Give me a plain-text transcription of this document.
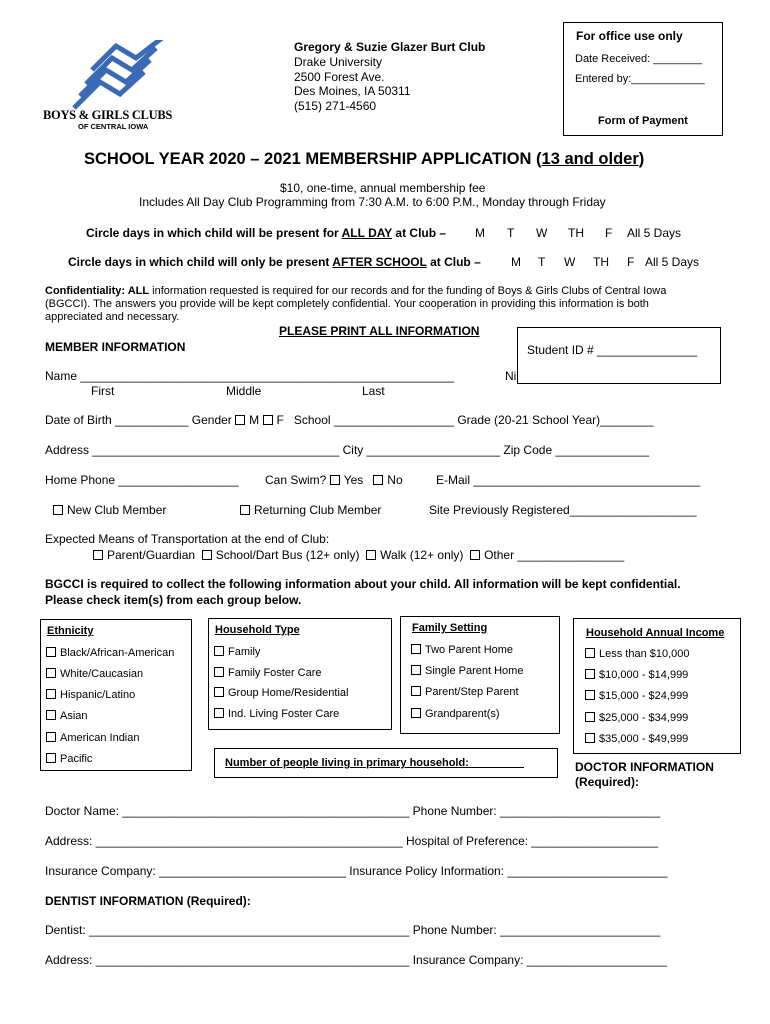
BOYS & GIRLS CLUBS
OF CENTRAL IOWA
Gregory & Suzie Glazer Burt Club
Drake University
2500 Forest Ave.
Des Moines, IA 50311
(515) 271-4560
For office use only
Date Received: ________
Entered by:____________
Form of Payment
SCHOOL YEAR 2020 – 2021 MEMBERSHIP APPLICATION (13 and older)
$10, one-time, annual membership fee
Includes All Day Club Programming from 7:30 A.M. to 6:00 P.M., Monday through Friday
Circle days in which child will be present for ALL DAY at Club – M T W TH F All 5 Days
Circle days in which child will only be present AFTER SCHOOL at Club –	M T W TH F All 5 Days
Confidentiality: ALL information requested is required for our records and for the funding of Boys & Girls Clubs of Central Iowa
(BGCCI). The answers you provide will be kept completely confidential. Your cooperation in providing this information is both
appreciated and necessary.
PLEASE PRINT ALL INFORMATION
MEMBER INFORMATION
Name ________________________________________________________	Ni
First	Middle	Last
Student ID # _______________
Date of Birth ___________ Gender M F School __________________ Grade (20-21 School Year)________
Address _____________________________________ City ____________________ Zip Code ______________
Home Phone __________________ Can Swim? Yes No	E-Mail __________________________________
New Club Member	Returning Club Member	Site Previously Registered___________________
Expected Means of Transportation at the end of Club:
Parent/Guardian School/Dart Bus (12+ only) Walk (12+ only) Other ________________
BGCCI is required to collect the following information about your child. All information will be kept confidential.
Please check item(s) from each group below.
Ethnicity
Black/African-American
White/Caucasian
Hispanic/Latino
Asian
American Indian
Pacific
Household Type
Family
Family Foster Care
Group Home/Residential
Ind. Living Foster Care
Family Setting
Two Parent Home
Single Parent Home
Parent/Step Parent
Grandparent(s)
Household Annual Income
Less than $10,000
$10,000 - $14,999
$15,000 - $24,999
$25,000 - $34,999
$35,000 - $49,999
Number of people living in primary household:_________	DOCTOR INFORMATION
(Required):
Doctor Name: ___________________________________________ Phone Number: ________________________
Address: ______________________________________________ Hospital of Preference: ___________________
Insurance Company: ____________________________ Insurance Policy Information: ________________________
DENTIST INFORMATION (Required):
Dentist: ________________________________________________ Phone Number: ________________________
Address: _______________________________________________ Insurance Company: _____________________
